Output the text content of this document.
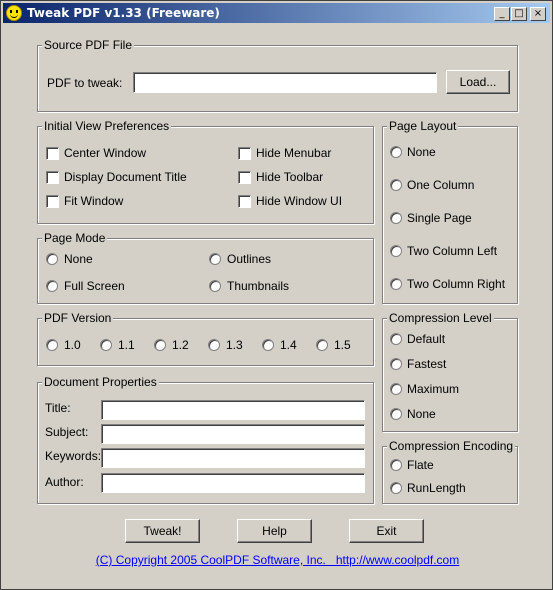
Tweak PDF v1.33 (Freeware)	_ □	×
Source PDF File
PDF to tweak:	Load...
Initial View Preferences
Center Window
Display Document Title
Fit Window
Hide Menubar
Hide Toolbar
Hide Window UI
Page Mode
None
Full Screen
Outlines
Thumbnails
PDF Version
1.0	1.1	1.2	1.3	1.4	1.5
Document Properties
Title:
Subject:
Keywords:
Author:
Page Layout
None
One Column
Single Page
Two Column Left
Two Column Right
Compression Level
Default
Fastest
Maximum
None
Compression Encoding
Flate
RunLength
Tweak!	Help	Exit
(C) Copyright 2005 CoolPDF Software, Inc.   http://www.coolpdf.com
